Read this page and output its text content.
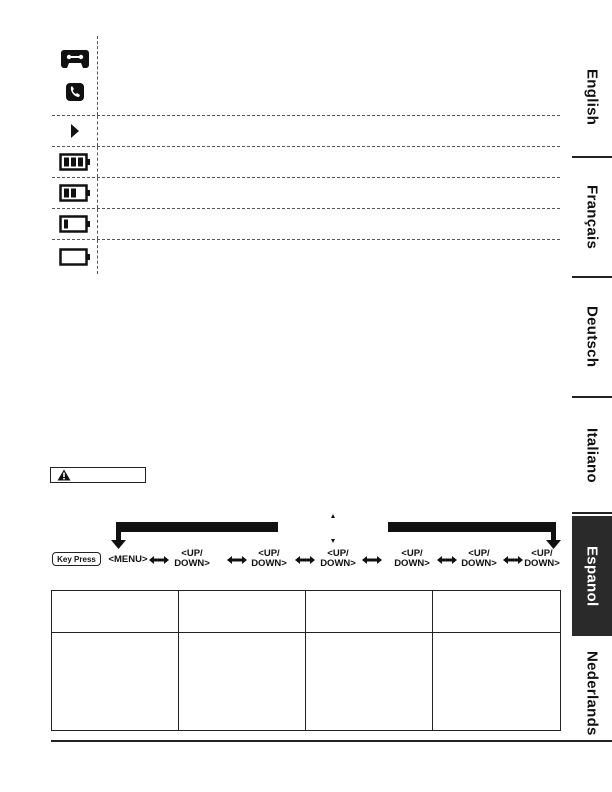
English
Français
Deutsch
Italiano
Espanol
Nederlands
Key Press	<MENU>
<UP/
DOWN>
<UP/
DOWN>
<UP/
DOWN>
<UP/
DOWN>
<UP/
DOWN>
<UP/
DOWN>
